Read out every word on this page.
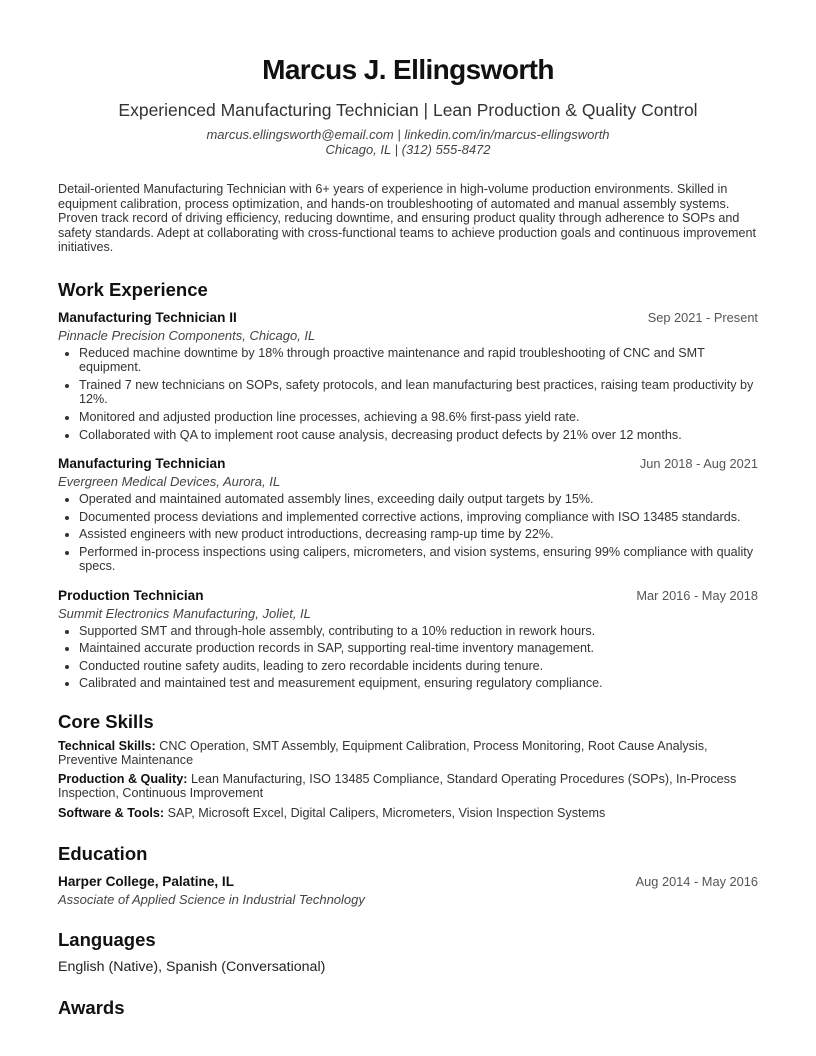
Marcus J. Ellingsworth
Experienced Manufacturing Technician | Lean Production & Quality Control
marcus.ellingsworth@email.com | linkedin.com/in/marcus-ellingsworth
Chicago, IL | (312) 555-8472
Detail-oriented Manufacturing Technician with 6+ years of experience in high-volume production environments. Skilled in equipment calibration, process optimization, and hands-on troubleshooting of automated and manual assembly systems. Proven track record of driving efficiency, reducing downtime, and ensuring product quality through adherence to SOPs and safety standards. Adept at collaborating with cross-functional teams to achieve production goals and continuous improvement initiatives.
Work Experience
Manufacturing Technician II	Sep 2021 - Present
Pinnacle Precision Components, Chicago, IL
• Reduced machine downtime by 18% through proactive maintenance and rapid troubleshooting of CNC and SMT equipment.
• Trained 7 new technicians on SOPs, safety protocols, and lean manufacturing best practices, raising team productivity by 12%.
• Monitored and adjusted production line processes, achieving a 98.6% first-pass yield rate.
• Collaborated with QA to implement root cause analysis, decreasing product defects by 21% over 12 months.
Manufacturing Technician	Jun 2018 - Aug 2021
Evergreen Medical Devices, Aurora, IL
• Operated and maintained automated assembly lines, exceeding daily output targets by 15%.
• Documented process deviations and implemented corrective actions, improving compliance with ISO 13485 standards.
• Assisted engineers with new product introductions, decreasing ramp-up time by 22%.
• Performed in-process inspections using calipers, micrometers, and vision systems, ensuring 99% compliance with quality specs.
Production Technician	Mar 2016 - May 2018
Summit Electronics Manufacturing, Joliet, IL
• Supported SMT and through-hole assembly, contributing to a 10% reduction in rework hours.
• Maintained accurate production records in SAP, supporting real-time inventory management.
• Conducted routine safety audits, leading to zero recordable incidents during tenure.
• Calibrated and maintained test and measurement equipment, ensuring regulatory compliance.
Core Skills
Technical Skills: CNC Operation, SMT Assembly, Equipment Calibration, Process Monitoring, Root Cause Analysis, Preventive Maintenance
Production & Quality: Lean Manufacturing, ISO 13485 Compliance, Standard Operating Procedures (SOPs), In-Process Inspection, Continuous Improvement
Software & Tools: SAP, Microsoft Excel, Digital Calipers, Micrometers, Vision Inspection Systems
Education
Harper College, Palatine, IL	Aug 2014 - May 2016
Associate of Applied Science in Industrial Technology
Languages
English (Native), Spanish (Conversational)
Awards
